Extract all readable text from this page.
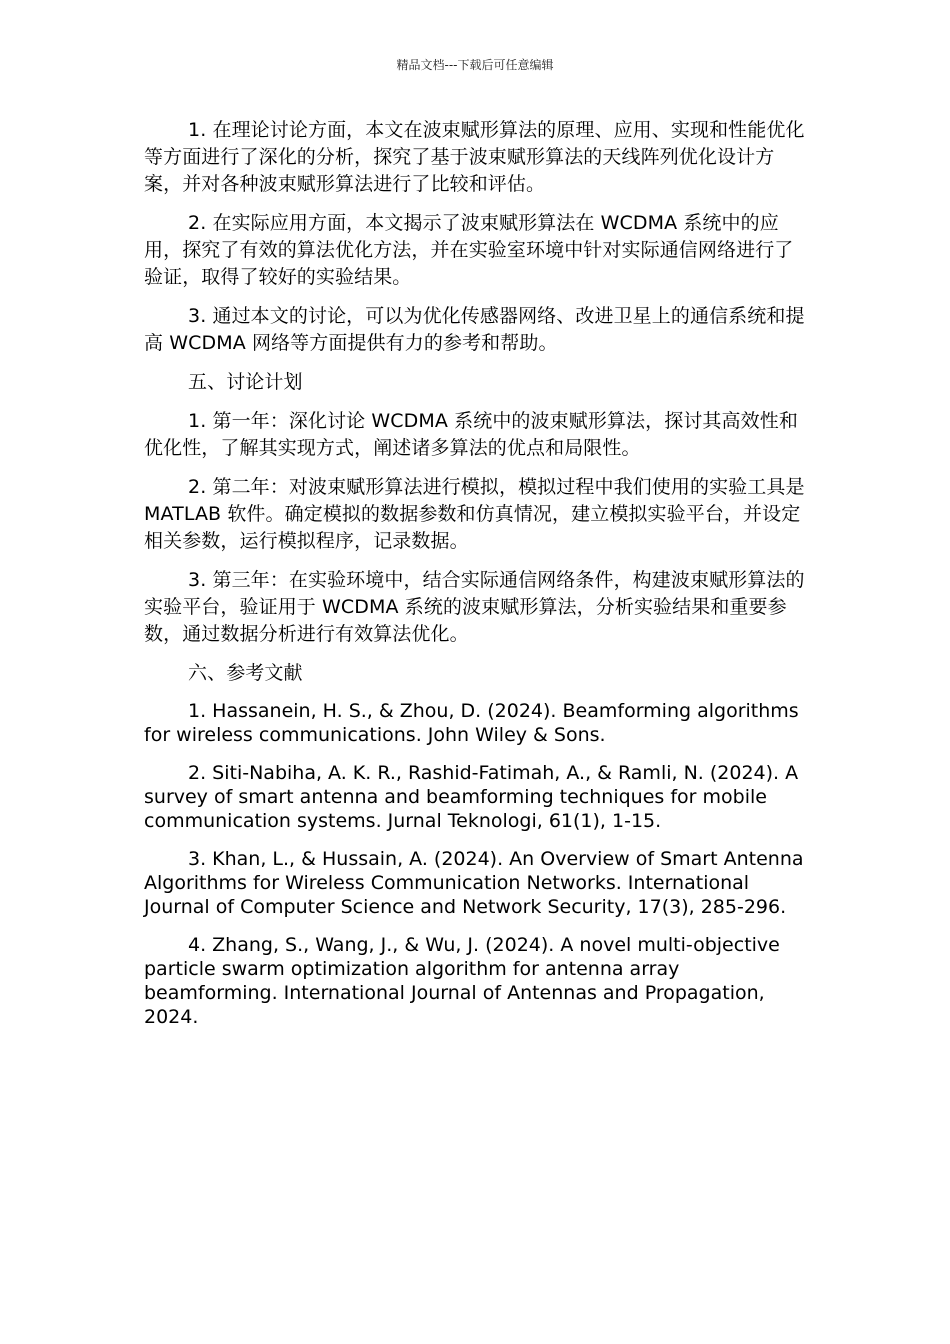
精品文档---下载后可任意编辑

1. 在理论讨论方面，本文在波束赋形算法的原理、应用、实现和性能优化等方面进行了深化的分析，探究了基于波束赋形算法的天线阵列优化设计方案，并对各种波束赋形算法进行了比较和评估。

2. 在实际应用方面，本文揭示了波束赋形算法在 WCDMA 系统中的应用，探究了有效的算法优化方法，并在实验室环境中针对实际通信网络进行了验证，取得了较好的实验结果。

3. 通过本文的讨论，可以为优化传感器网络、改进卫星上的通信系统和提高 WCDMA 网络等方面提供有力的参考和帮助。

五、讨论计划

1. 第一年：深化讨论 WCDMA 系统中的波束赋形算法，探讨其高效性和优化性，了解其实现方式，阐述诸多算法的优点和局限性。

2. 第二年：对波束赋形算法进行模拟，模拟过程中我们使用的实验工具是 MATLAB 软件。确定模拟的数据参数和仿真情况，建立模拟实验平台，并设定相关参数，运行模拟程序，记录数据。

3. 第三年：在实验环境中，结合实际通信网络条件，构建波束赋形算法的实验平台，验证用于 WCDMA 系统的波束赋形算法，分析实验结果和重要参数，通过数据分析进行有效算法优化。

六、参考文献

1. Hassanein, H. S., & Zhou, D. (2024). Beamforming algorithms for wireless communications. John Wiley & Sons.

2. Siti-Nabiha, A. K. R., Rashid-Fatimah, A., & Ramli, N. (2024). A survey of smart antenna and beamforming techniques for mobile communication systems. Jurnal Teknologi, 61(1), 1-15.

3. Khan, L., & Hussain, A. (2024). An Overview of Smart Antenna Algorithms for Wireless Communication Networks. International Journal of Computer Science and Network Security, 17(3), 285-296.

4. Zhang, S., Wang, J., & Wu, J. (2024). A novel multi-objective particle swarm optimization algorithm for antenna array beamforming. International Journal of Antennas and Propagation, 2024.
